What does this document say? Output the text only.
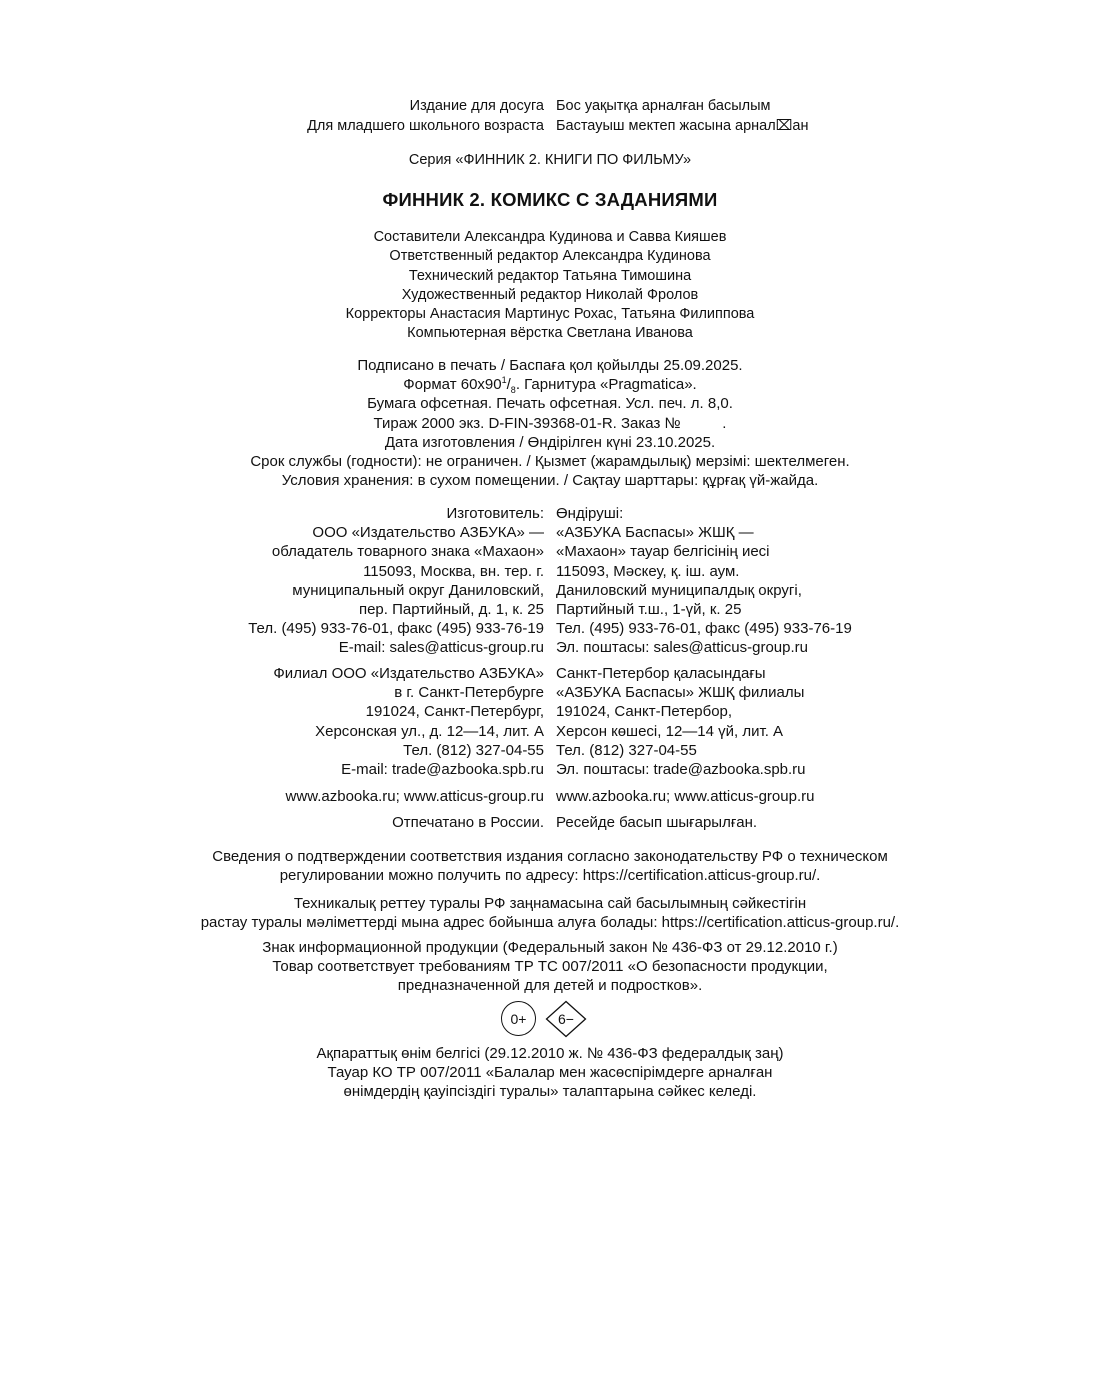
Издание для досуга Бос уақытқа арналған басылым
Для младшего школьного возраста Бастауыш мектеп жасына арнал⌧ан
Серия «ФИННИК 2. КНИГИ ПО ФИЛЬМУ»
ФИННИК 2. КОМИКС С ЗАДАНИЯМИ
Составители Александра Кудинова и Савва Кияшев
Ответственный редактор Александра Кудинова
Технический редактор Татьяна Тимошина
Художественный редактор Николай Фролов
Корректоры Анастасия Мартинус Рохас, Татьяна Филиппова
Компьютерная вёрстка Светлана Иванова
Подписано в печать / Баспаға қол қойылды 25.09.2025.
Формат $60x90^1/_8$. Гарнитура «Pragmatica».
Бумага офсетная. Печать офсетная. Усл. печ. л. 8,0.
Тираж 2000 экз. D-FIN-39368-01-R. Заказ №          .
Дата изготовления / Өндірілген күні 23.10.2025.
Срок службы (годности): не ограничен. / Қызмет (жарамдылық) мерзімі: шектелмеген.
Условия хранения: в сухом помещении. / Сақтау шарттары: құрғақ үй-жайда.
Изготовитель: Өндіруші:
ООО «Издательство АЗБУКА» — «АЗБУКА Баспасы» ЖШҚ —
обладатель товарного знака «Махаон» «Махаон» тауар белгісінің иесі
115093, Москва, вн. тер. г. 115093, Мәскеу, қ. іш. аум.
муниципальный округ Даниловский, Даниловский муниципалдық округі,
пер. Партийный, д. 1, к. 25 Партийный т.ш., 1-үй, к. 25
Тел. (495) 933-76-01, факс (495) 933-76-19 Тел. (495) 933-76-01, факс (495) 933-76-19
E-mail: sales@atticus-group.ru Эл. поштасы: sales@atticus-group.ru
Филиал ООО «Издательство АЗБУКА» Санкт-Петербор қаласындағы
в г. Санкт-Петербурге «АЗБУКА Баспасы» ЖШҚ филиалы
191024, Санкт-Петербург, 191024, Санкт-Петербор,
Херсонская ул., д. 12—14, лит. А Херсон көшесі, 12—14 үй, лит. А
Тел. (812) 327-04-55 Тел. (812) 327-04-55
E-mail: trade@azbooka.spb.ru Эл. поштасы: trade@azbooka.spb.ru
www.azbooka.ru; www.atticus-group.ru www.azbooka.ru; www.atticus-group.ru
Отпечатано в России. Ресейде басып шығарылған.
Сведения о подтверждении соответствия издания согласно законодательству РФ о техническом
регулировании можно получить по адресу: https://certification.atticus-group.ru/.
Техникалық реттеу туралы РФ заңнамасына сай басылымның сәйкестігін
растау туралы мәліметтерді мына адрес бойынша алуға болады: https://certification.atticus-group.ru/.
Знак информационной продукции (Федеральный закон № 436-ФЗ от 29.12.2010 г.)
Товар соответствует требованиям ТР ТС 007/2011 «О безопасности продукции,
предназначенной для детей и подростков».
0+	6−
Ақпараттық өнім белгісі (29.12.2010 ж. № 436-ФЗ федералдық заң)
Тауар КО ТР 007/2011 «Балалар мен жасөспірімдерге арналған
өнімдердің қауіпсіздігі туралы» талаптарына сәйкес келеді.
